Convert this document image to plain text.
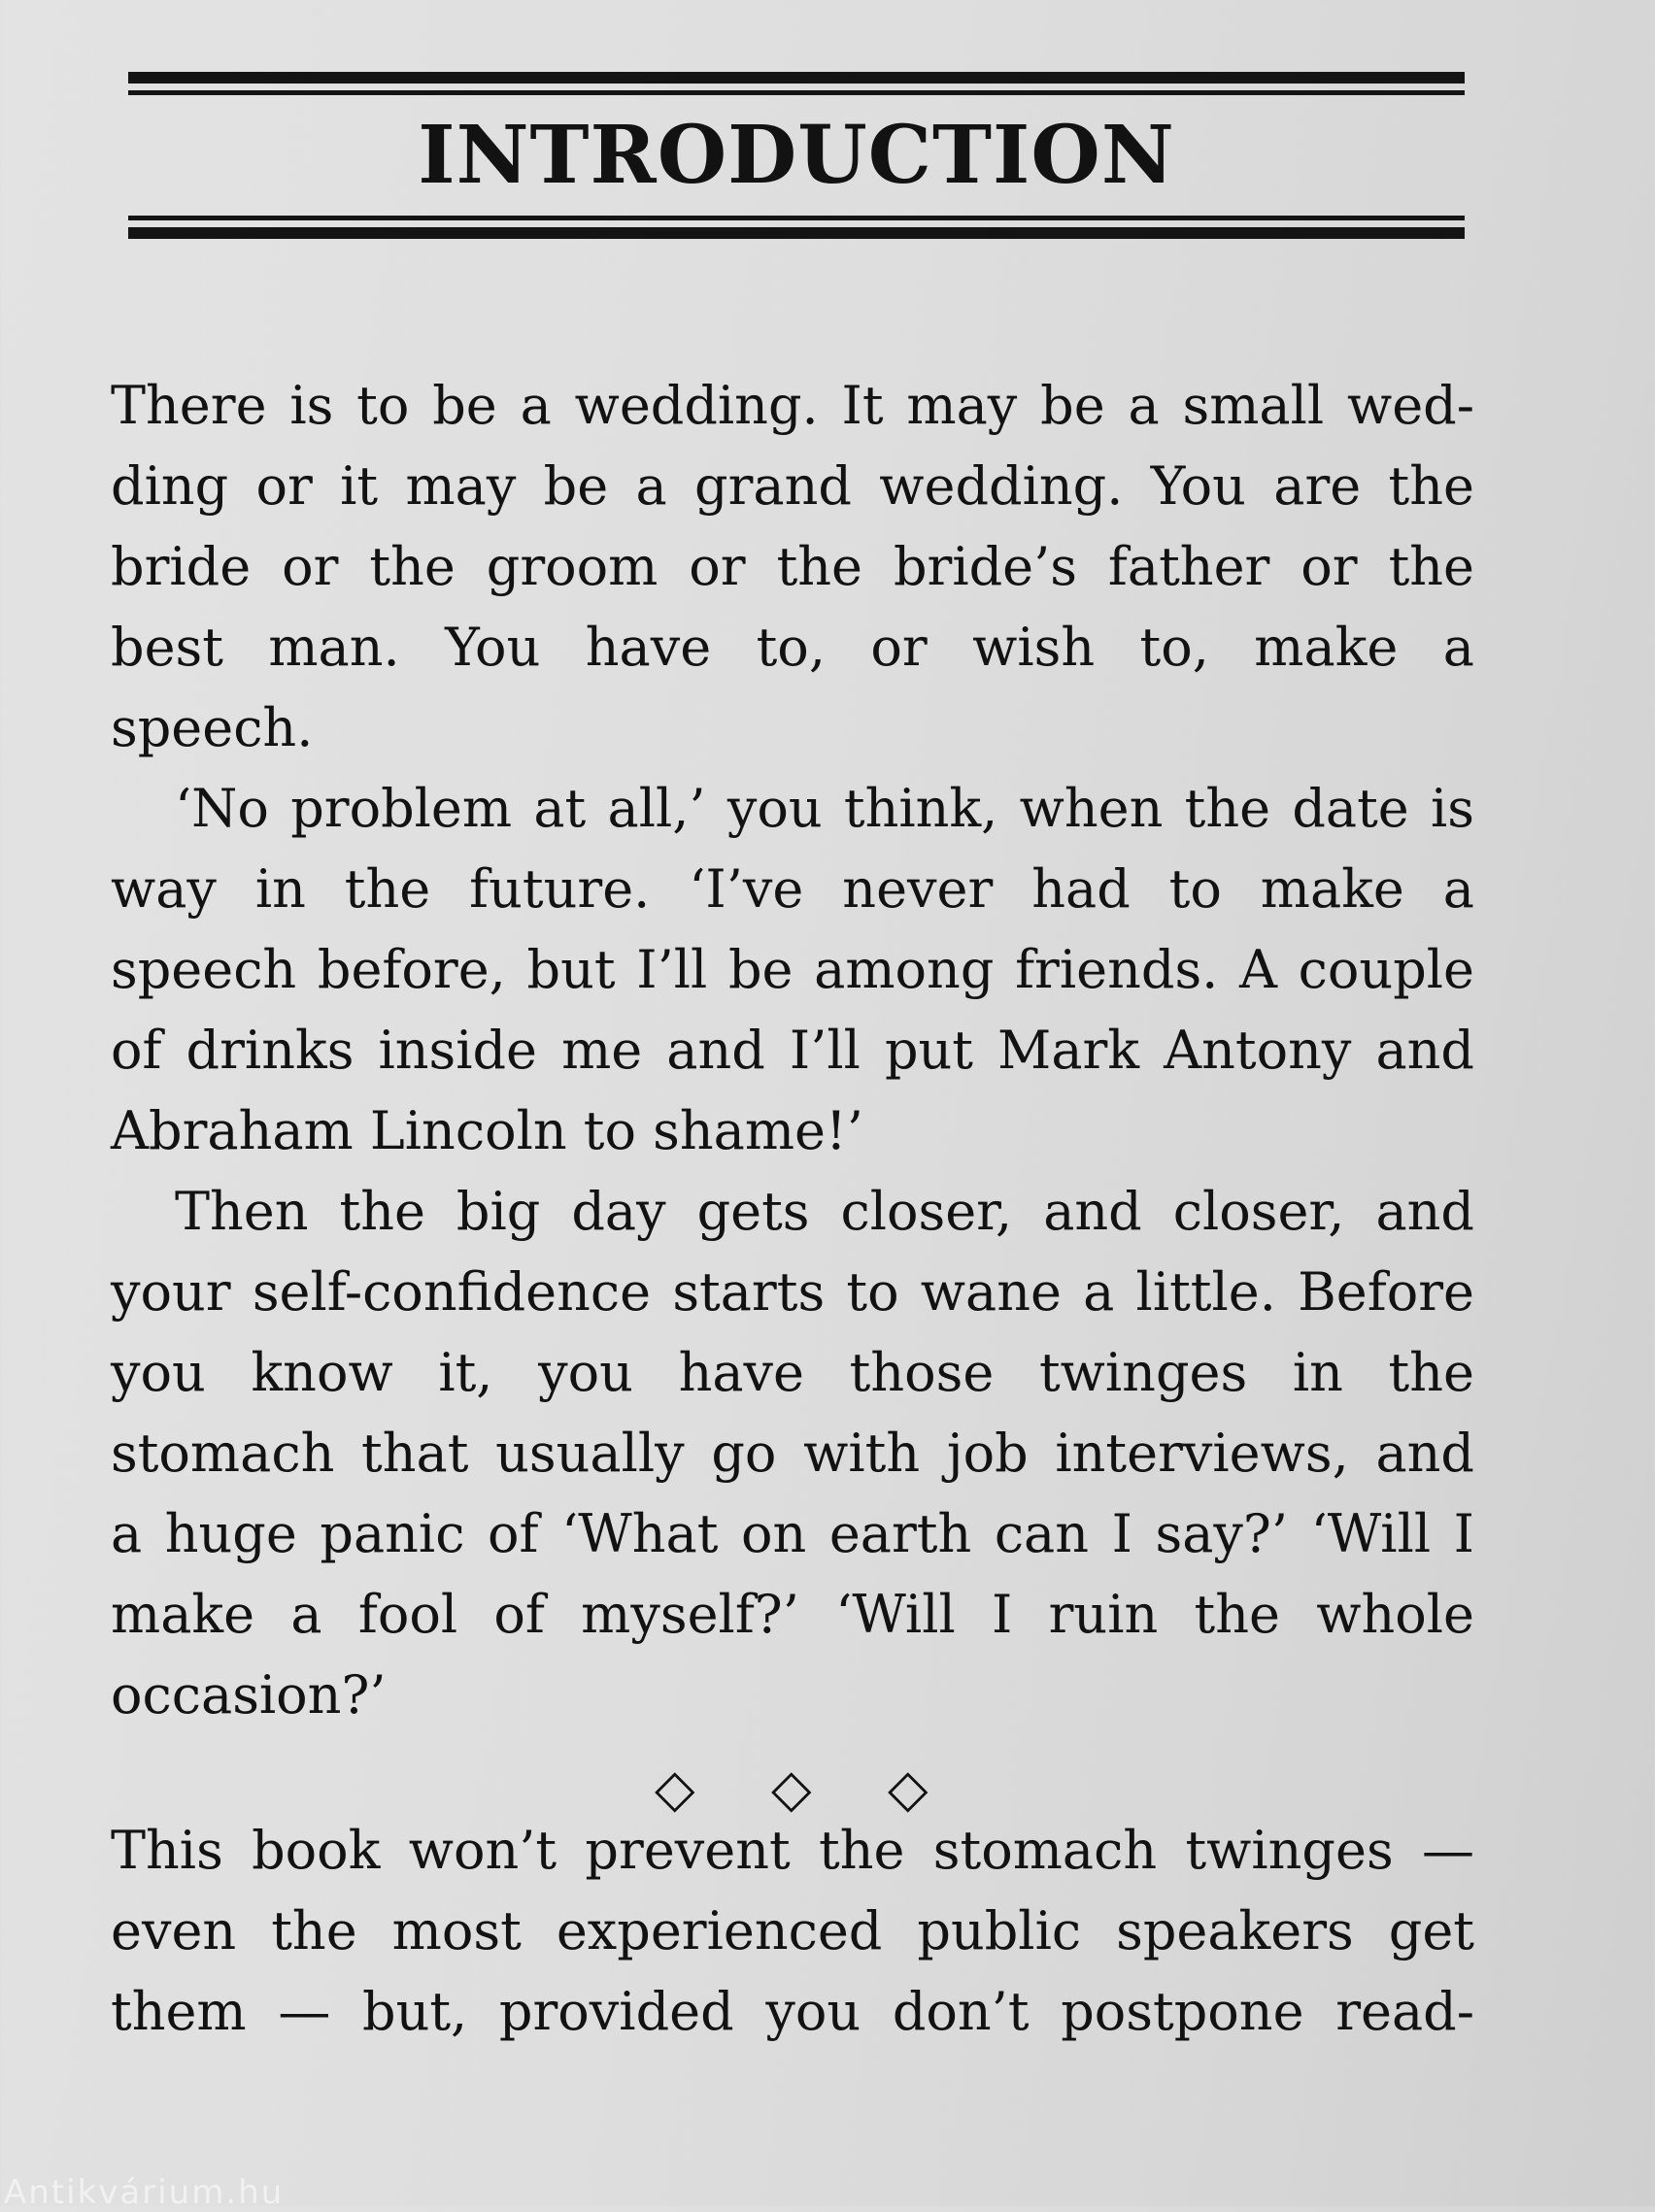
INTRODUCTION
There is to be a wedding. It may be a small wed-
ding or it may be a grand wedding. You are the
bride or the groom or the bride’s father or the
best man. You have to, or wish to, make a
speech.
‘No problem at all,’ you think, when the date is
way in the future. ‘I’ve never had to make a
speech before, but I’ll be among friends. A couple
of drinks inside me and I’ll put Mark Antony and
Abraham Lincoln to shame!’
Then the big day gets closer, and closer, and
your self-confidence starts to wane a little. Before
you know it, you have those twinges in the
stomach that usually go with job interviews, and
a huge panic of ‘What on earth can I say?’ ‘Will I
make a fool of myself?’ ‘Will I ruin the whole
occasion?’
◇ ◇ ◇
This book won’t prevent the stomach twinges —
even the most experienced public speakers get
them — but, provided you don’t postpone read-
Antikvárium.hu
